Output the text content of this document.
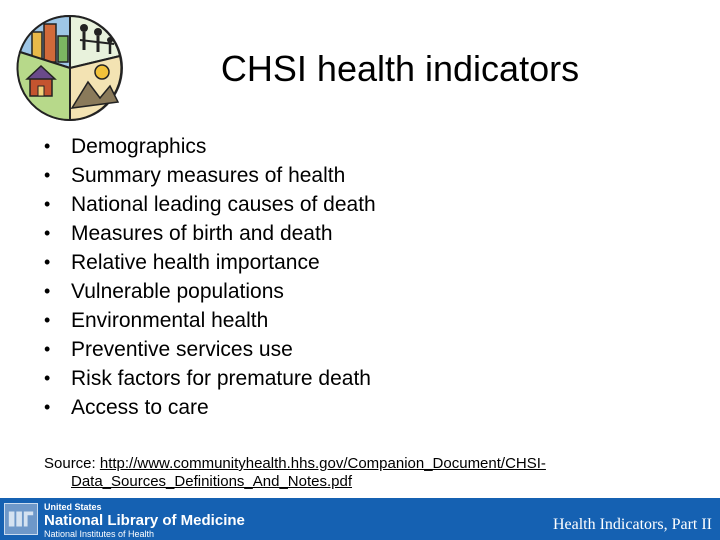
CHSI health indicators
• Demographics
• Summary measures of health
• National leading causes of death
• Measures of birth and death
• Relative health importance
• Vulnerable populations
• Environmental health
• Preventive services use
• Risk factors for premature death
• Access to care
Source: http://www.communityhealth.hhs.gov/Companion_Document/CHSI-
Data_Sources_Definitions_And_Notes.pdf
United States
National Library of Medicine
National Institutes of Health
Health Indicators, Part II
